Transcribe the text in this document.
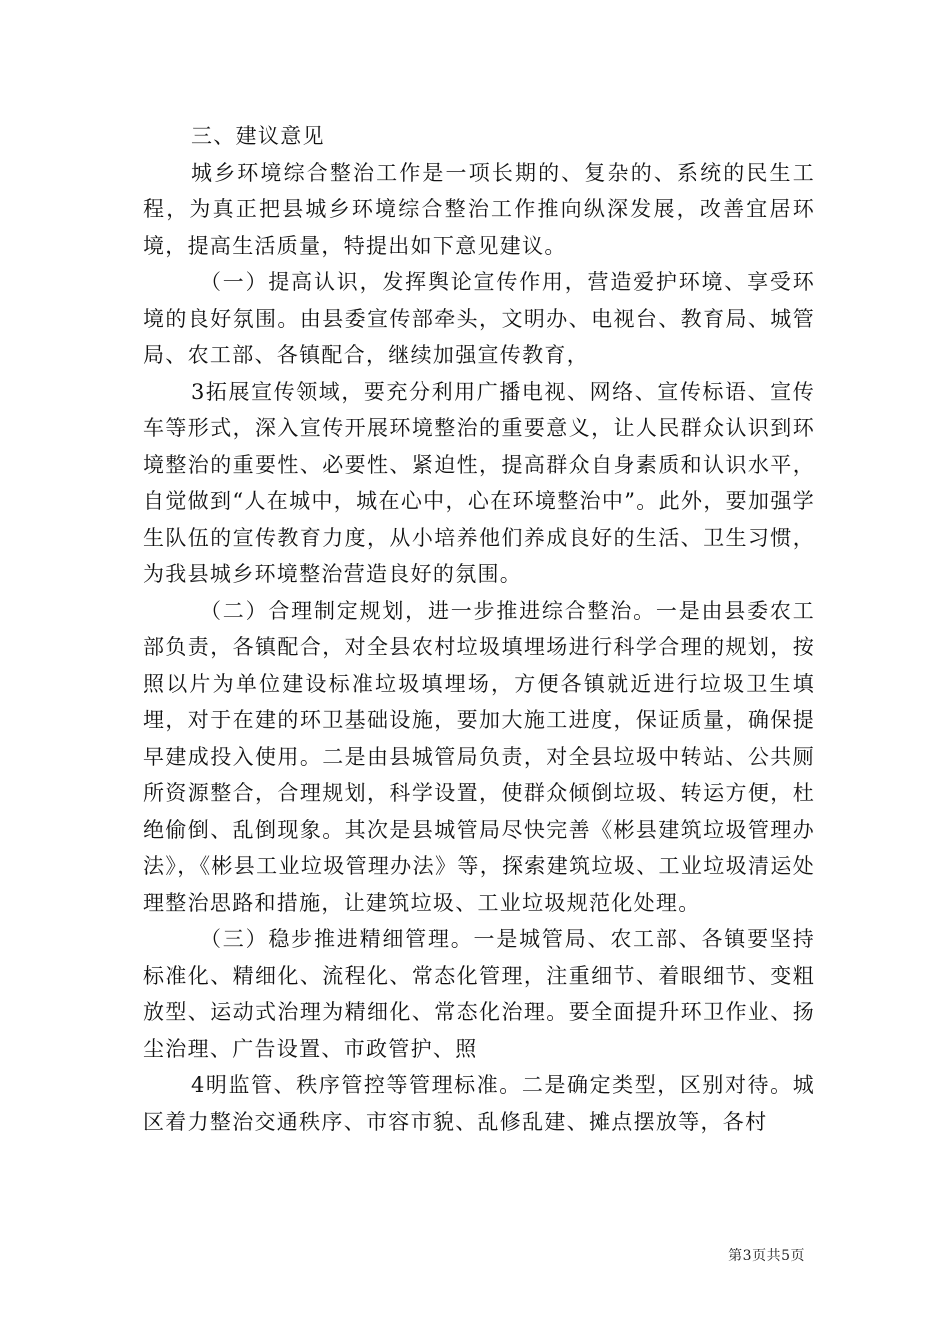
三、建议意见

城乡环境综合整治工作是一项长期的、复杂的、系统的民生工程，为真正把县城乡环境综合整治工作推向纵深发展，改善宜居环境，提高生活质量，特提出如下意见建议。

（一）提高认识，发挥舆论宣传作用，营造爱护环境、享受环境的良好氛围。由县委宣传部牵头，文明办、电视台、教育局、城管局、农工部、各镇配合，继续加强宣传教育，

3拓展宣传领域，要充分利用广播电视、网络、宣传标语、宣传车等形式，深入宣传开展环境整治的重要意义，让人民群众认识到环境整治的重要性、必要性、紧迫性，提高群众自身素质和认识水平，自觉做到“人在城中，城在心中，心在环境整治中”。此外，要加强学生队伍的宣传教育力度，从小培养他们养成良好的生活、卫生习惯，为我县城乡环境整治营造良好的氛围。

（二）合理制定规划，进一步推进综合整治。一是由县委农工部负责，各镇配合，对全县农村垃圾填埋场进行科学合理的规划，按照以片为单位建设标准垃圾填埋场，方便各镇就近进行垃圾卫生填埋，对于在建的环卫基础设施，要加大施工进度，保证质量，确保提早建成投入使用。二是由县城管局负责，对全县垃圾中转站、公共厕所资源整合，合理规划，科学设置，使群众倾倒垃圾、转运方便，杜绝偷倒、乱倒现象。其次是县城管局尽快完善《彬县建筑垃圾管理办法》，《彬县工业垃圾管理办法》等，探索建筑垃圾、工业垃圾清运处理整治思路和措施，让建筑垃圾、工业垃圾规范化处理。

（三）稳步推进精细管理。一是城管局、农工部、各镇要坚持标准化、精细化、流程化、常态化管理，注重细节、着眼细节、变粗放型、运动式治理为精细化、常态化治理。要全面提升环卫作业、扬尘治理、广告设置、市政管护、照

4明监管、秩序管控等管理标准。二是确定类型，区别对待。城区着力整治交通秩序、市容市貌、乱修乱建、摊点摆放等，各村

第3页共5页
